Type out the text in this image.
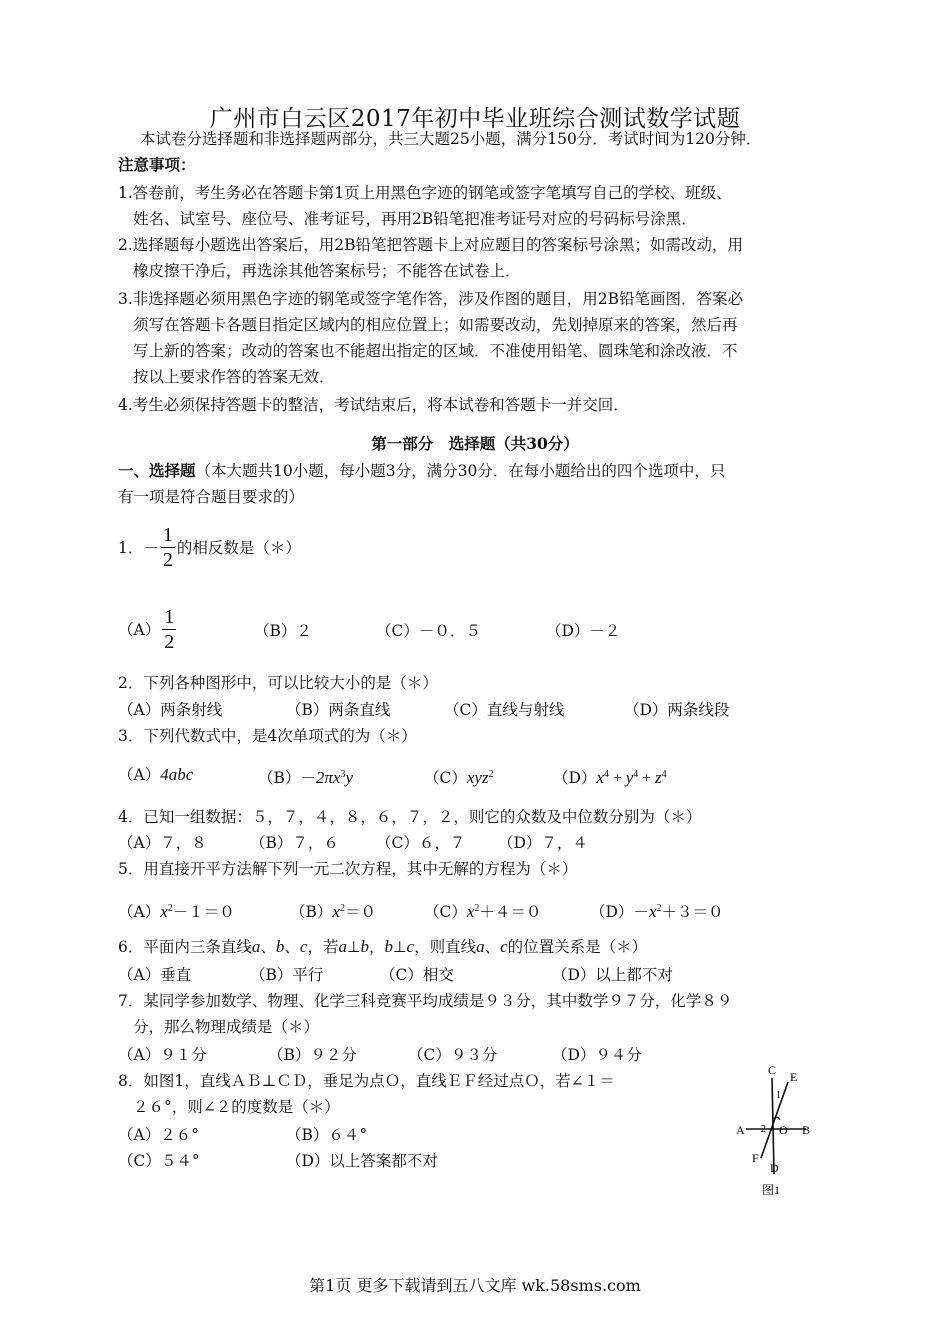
广州市白云区2017年初中毕业班综合测试数学试题
本试卷分选择题和非选择题两部分，共三大题25小题，满分150分．考试时间为120分钟．
注意事项：
1.答卷前，考生务必在答题卡第1页上用黑色字迹的钢笔或签字笔填写自己的学校、班级、
姓名、试室号、座位号、准考证号，再用2B铅笔把准考证号对应的号码标号涂黑．
2.选择题每小题选出答案后，用2B铅笔把答题卡上对应题目的答案标号涂黑；如需改动，用
橡皮擦干净后，再选涂其他答案标号；不能答在试卷上．
3.非选择题必须用黑色字迹的钢笔或签字笔作答，涉及作图的题目，用2B铅笔画图．答案必
须写在答题卡各题目指定区域内的相应位置上；如需要改动，先划掉原来的答案，然后再
写上新的答案；改动的答案也不能超出指定的区域．不准使用铅笔、圆珠笔和涂改液．不
按以上要求作答的答案无效．
4.考生必须保持答题卡的整洁，考试结束后，将本试卷和答题卡一并交回．
第一部分　选择题（共30分）
一、选择题（本大题共10小题，每小题3分，满分30分．在每小题给出的四个选项中，只
有一项是符合题目要求的）
1．－ $\frac{1}{2}$ 的相反数是（＊）
$(A) \frac{1}{2}$	（B）２	（C）－０．５	（D）－２
2．下列各种图形中，可以比较大小的是（＊）
（A）两条射线	（B）两条直线	（C）直线与射线	（D）两条线段
3．下列代数式中，是4次单项式的为（＊）
（A）4abc	$(B)-2\pi x^3y$	（C）xyz$^2$	$(D)x^4 + y^4 + z^4$
4．已知一组数据：５，７，４，８，６，７，２，则它的众数及中位数分别为（＊）
（A）７，８	（B）７，６ （C）６，７ （D）７，４
5．用直接开平方法解下列一元二次方程，其中无解的方程为（＊）
$(A)x^2-1=0$	$(B)x^2=0$	$(C)x^2+4=0$	$(D)-x^2+3=0$
6．平面内三条直线a、b、c，若a⊥b，b⊥c，则直线a、c的位置关系是（＊）
（A）垂直	（B）平行	（C）相交	（D）以上都不对
7．某同学参加数学、物理、化学三科竞赛平均成绩是９３分，其中数学９７分，化学８９
分，那么物理成绩是（＊）
（A）９１分	（B）９２分	（C）９３分	（D）９４分
8．如图1，直线ＡＢ⊥ＣＤ，垂足为点Ｏ，直线ＥＦ经过点Ｏ，若∠１＝
２６°，则∠２的度数是（＊）
（A）２６°	（B）６４°
（C）５４°	（D）以上答案都不对
C E
1
A 2 O B
F
D
图1
第1页 更多下载请到五八文库 wk.58sms.com
